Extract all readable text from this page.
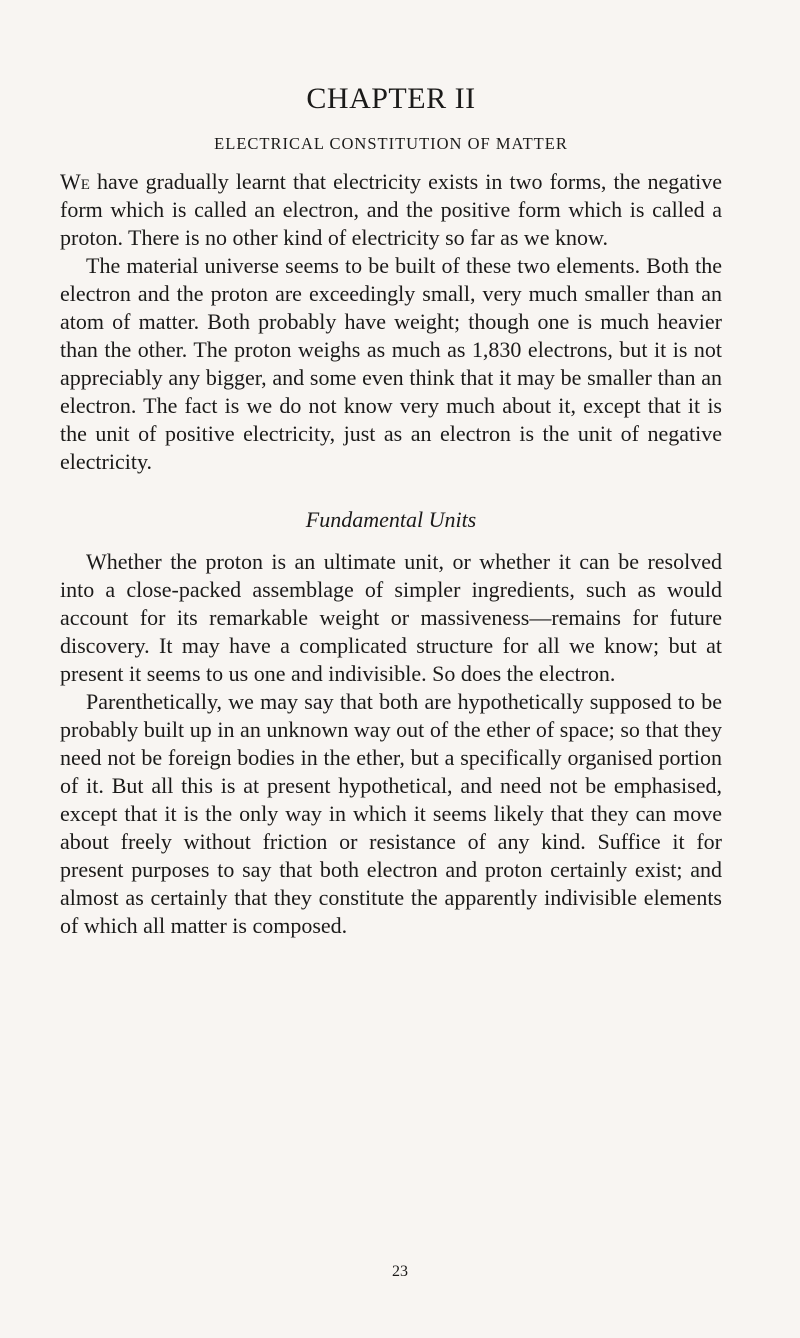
CHAPTER II
ELECTRICAL CONSTITUTION OF MATTER

We have gradually learnt that electricity exists in two forms, the negative form which is called an electron, and the positive form which is called a proton. There is no other kind of electricity so far as we know.

The material universe seems to be built of these two elements. Both the electron and the proton are exceedingly small, very much smaller than an atom of matter. Both probably have weight; though one is much heavier than the other. The proton weighs as much as 1,830 electrons, but it is not appreciably any bigger, and some even think that it may be smaller than an electron. The fact is we do not know very much about it, except that it is the unit of positive electricity, just as an electron is the unit of negative electricity.

Fundamental Units

Whether the proton is an ultimate unit, or whether it can be resolved into a close-packed assemblage of simpler ingredients, such as would account for its remarkable weight or massiveness—remains for future discovery. It may have a complicated structure for all we know; but at present it seems to us one and indivisible. So does the electron.

Parenthetically, we may say that both are hypothetically supposed to be probably built up in an unknown way out of the ether of space; so that they need not be foreign bodies in the ether, but a specifically organised portion of it. But all this is at present hypothetical, and need not be emphasised, except that it is the only way in which it seems likely that they can move about freely without friction or resistance of any kind. Suffice it for present purposes to say that both electron and proton certainly exist; and almost as certainly that they constitute the apparently indivisible elements of which all matter is composed.

23
